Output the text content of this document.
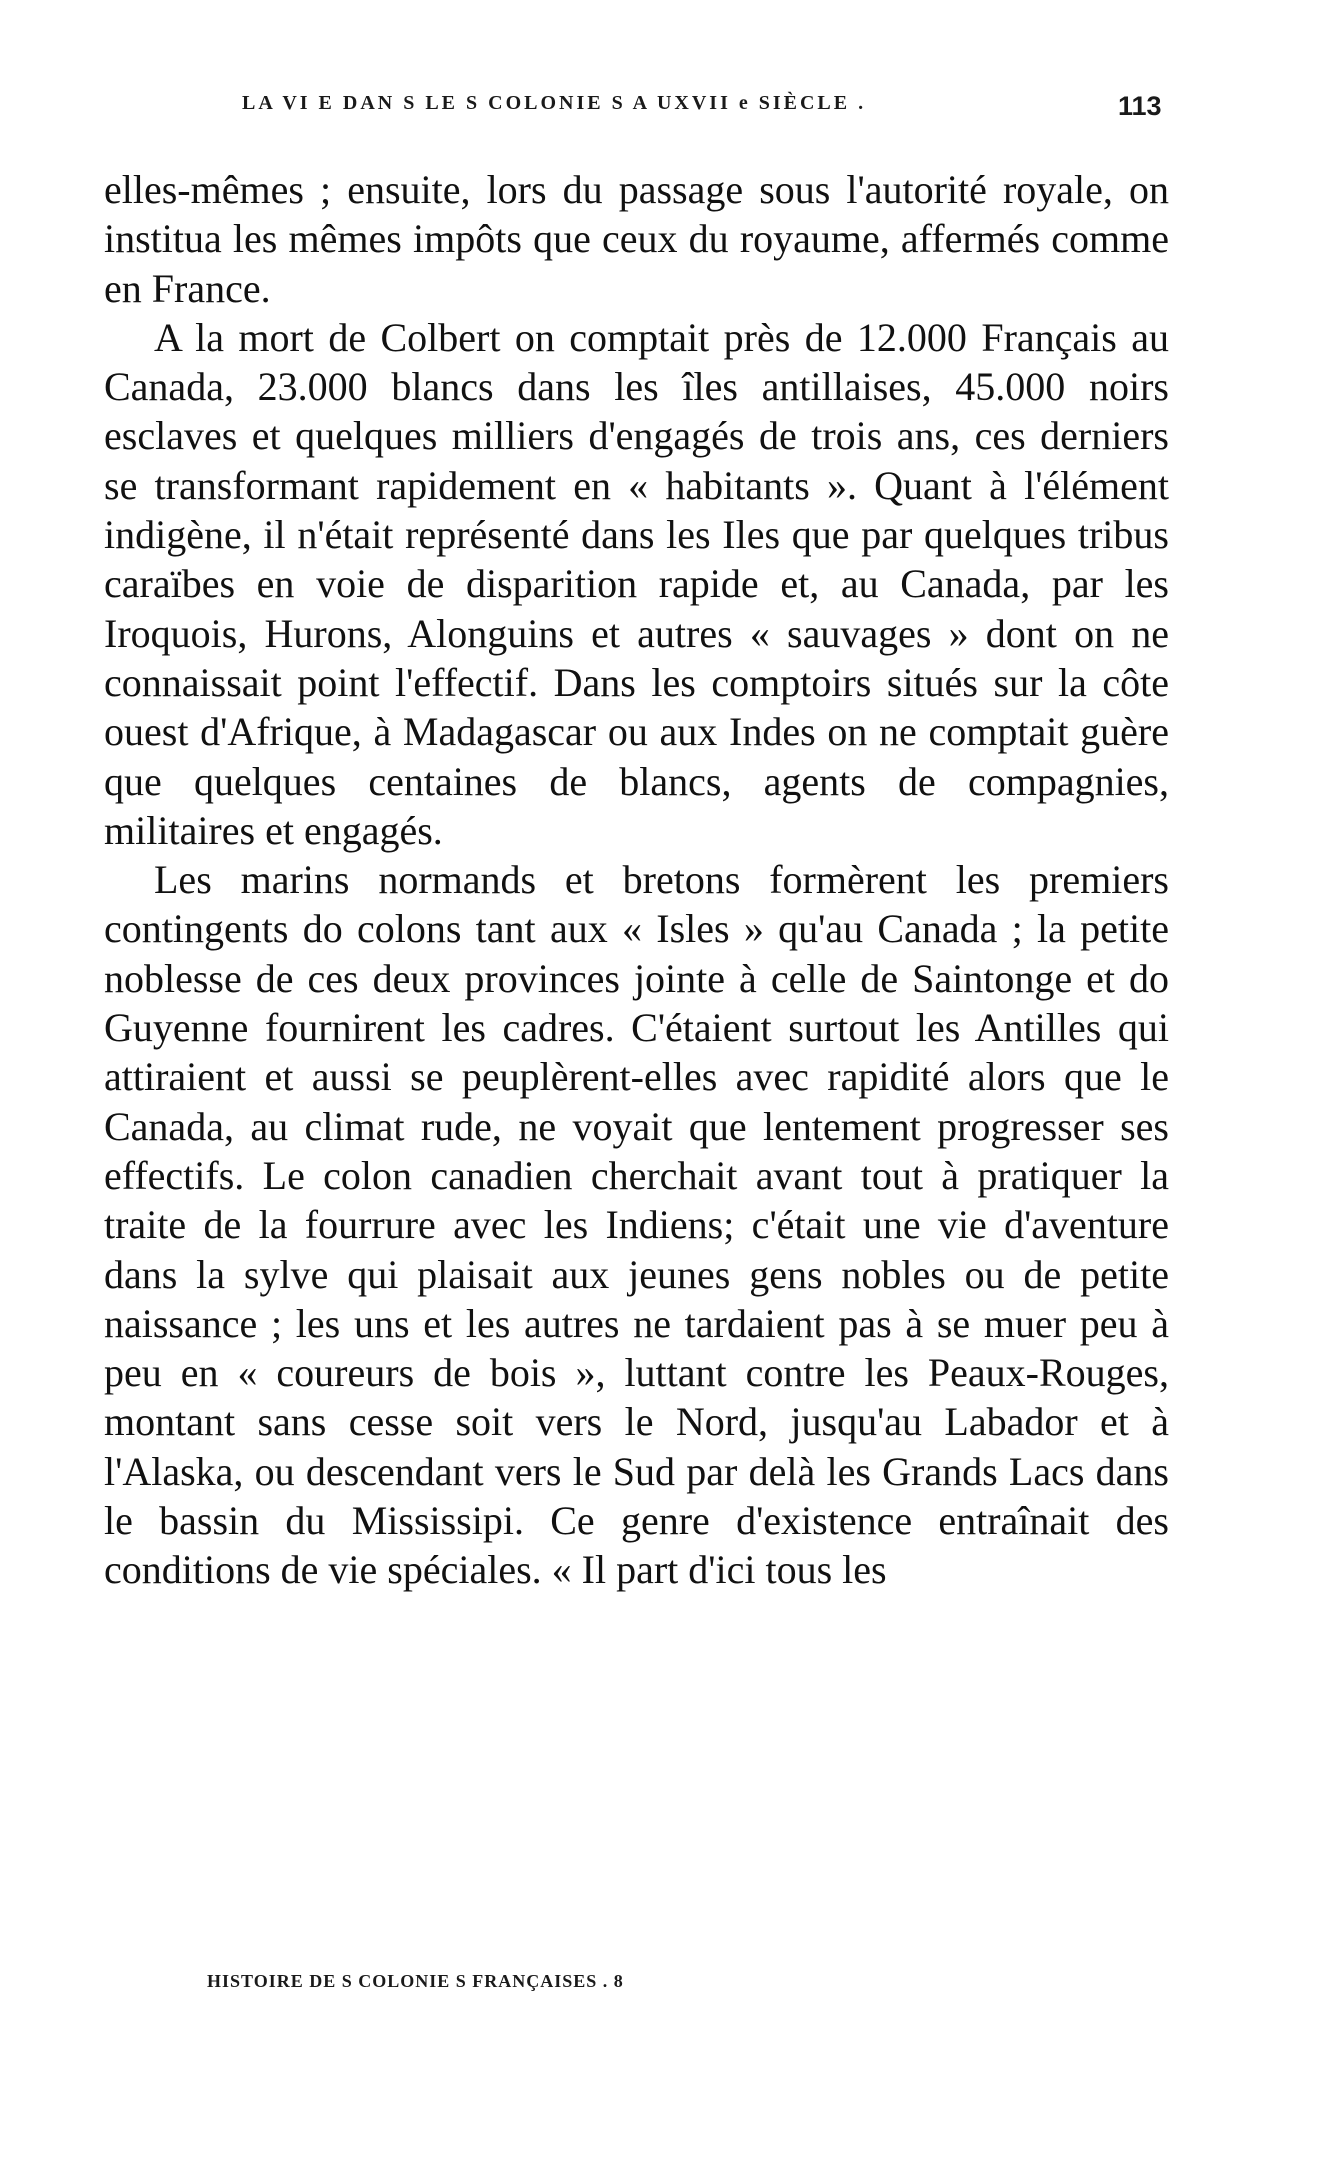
LA VI E DAN S LE S COLONIE S A UXVII e SIÈCLE .	113

elles-mêmes ; ensuite, lors du passage sous l'autorité royale, on institua les mêmes impôts que ceux du royaume, affermés comme en France.

A la mort de Colbert on comptait près de 12.000 Français au Canada, 23.000 blancs dans les îles antillaises, 45.000 noirs esclaves et quelques milliers d'engagés de trois ans, ces derniers se transformant rapidement en « habitants ». Quant à l'élément indigène, il n'était représenté dans les Iles que par quelques tribus caraïbes en voie de disparition rapide et, au Canada, par les Iroquois, Hurons, Alonguins et autres « sauvages » dont on ne connaissait point l'effectif. Dans les comptoirs situés sur la côte ouest d'Afrique, à Madagascar ou aux Indes on ne comptait guère que quelques centaines de blancs, agents de compagnies, militaires et engagés.

Les marins normands et bretons formèrent les premiers contingents do colons tant aux « Isles » qu'au Canada ; la petite noblesse de ces deux provinces jointe à celle de Saintonge et do Guyenne fournirent les cadres. C'étaient surtout les Antilles qui attiraient et aussi se peuplèrent-elles avec rapidité alors que le Canada, au climat rude, ne voyait que lentement progresser ses effectifs. Le colon canadien cherchait avant tout à pratiquer la traite de la fourrure avec les Indiens; c'était une vie d'aventure dans la sylve qui plaisait aux jeunes gens nobles ou de petite naissance ; les uns et les autres ne tardaient pas à se muer peu à peu en « coureurs de bois », luttant contre les Peaux-Rouges, montant sans cesse soit vers le Nord, jusqu'au Labador et à l'Alaska, ou descendant vers le Sud par delà les Grands Lacs dans le bassin du Mississipi. Ce genre d'existence entraînait des conditions de vie spéciales. « Il part d'ici tous les

HISTOIRE DE S COLONIE S FRANÇAISES . 8
